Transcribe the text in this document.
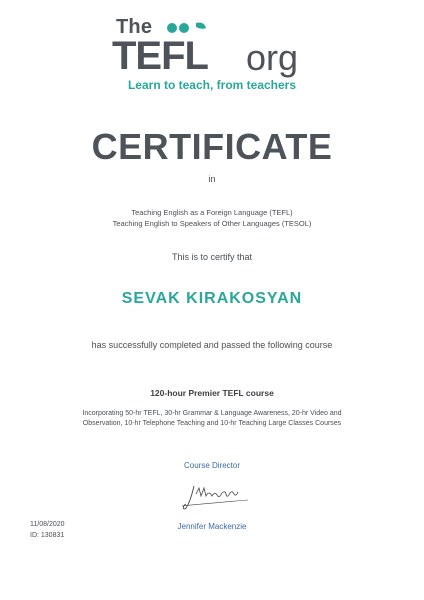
The
TEFL org
Learn to teach, from teachers
CERTIFICATE
in
Teaching English as a Foreign Language (TEFL)
Teaching English to Speakers of Other Languages (TESOL)
This is to certify that
SEVAK KIRAKOSYAN
has successfully completed and passed the following course
120-hour Premier TEFL course
Incorporating 50-hr TEFL, 30-hr Grammar & Language Awareness, 20-hr Video and
Observation, 10-hr Telephone Teaching and 10-hr Teaching Large Classes Courses
Course Director
Jennifer Mackenzie
11/08/2020
ID: 130831
